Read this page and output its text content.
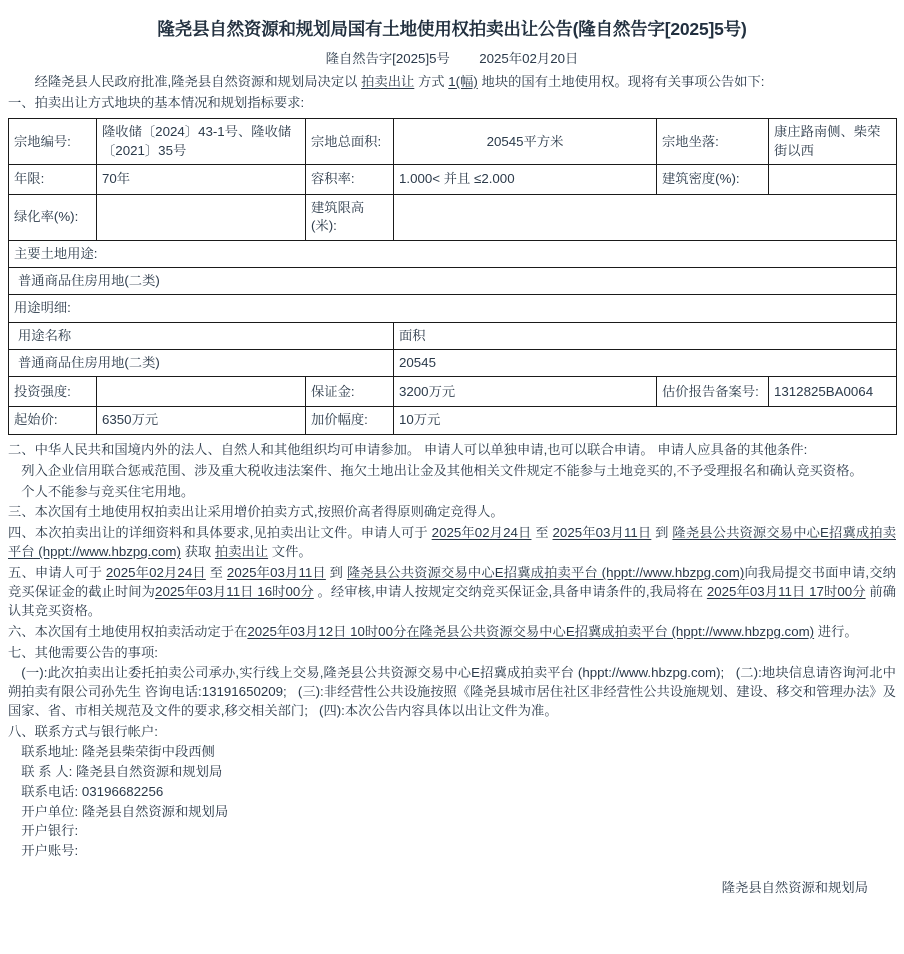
隆尧县自然资源和规划局国有土地使用权拍卖出让公告(隆自然告字[2025]5号)
隆自然告字[2025]5号 2025年02月20日

经隆尧县人民政府批准,隆尧县自然资源和规划局决定以 拍卖出让 方式 1(幅) 地块的国有土地使用权。现将有关事项公告如下:

一、拍卖出让方式地块的基本情况和规划指标要求:

宗地编号:	隆收储〔2024〕43-1号、隆收储〔2021〕35号	宗地总面积:	20545平方米	宗地坐落:	康庄路南侧、柴荣街以西
年限:	70年	容积率:	1.000< 并且 ≤2.000	建筑密度(%):	
绿化率(%):		建筑限高(米):			
主要土地用途:					
普通商品住房用地(二类)					
用途明细:					
用途名称			面积		
普通商品住房用地(二类)			20545		
投资强度:		保证金:	3200万元	估价报告备案号:	1312825BA0064
起始价:	6350万元	加价幅度:	10万元		

二、中华人民共和国境内外的法人、自然人和其他组织均可申请参加。 申请人可以单独申请,也可以联合申请。 申请人应具备的其他条件:

列入企业信用联合惩戒范围、涉及重大税收违法案件、拖欠土地出让金及其他相关文件规定不能参与土地竞买的,不予受理报名和确认竞买资格。

个人不能参与竞买住宅用地。

三、本次国有土地使用权拍卖出让采用增价拍卖方式,按照价高者得原则确定竞得人。

四、本次拍卖出让的详细资料和具体要求,见拍卖出让文件。申请人可于 2025年02月24日 至 2025年03月11日 到 隆尧县公共资源交易中心E招冀成拍卖平台 (hppt://www.hbzpg.com) 获取 拍卖出让 文件。

五、申请人可于 2025年02月24日 至 2025年03月11日 到 隆尧县公共资源交易中心E招冀成拍卖平台 (hppt://www.hbzpg.com)向我局提交书面申请,交纳竞买保证金的截止时间为2025年03月11日 16时00分 。经审核,申请人按规定交纳竞买保证金,具备申请条件的,我局将在 2025年03月11日 17时00分 前确认其竞买资格。

六、本次国有土地使用权拍卖活动定于在2025年03月12日 10时00分在隆尧县公共资源交易中心E招冀成拍卖平台 (hppt://www.hbzpg.com) 进行。

七、其他需要公告的事项:

(一):此次拍卖出让委托拍卖公司承办,实行线上交易,隆尧县公共资源交易中心E招冀成拍卖平台 (hppt://www.hbzpg.com); (二):地块信息请咨询河北中朔拍卖有限公司孙先生 咨询电话:13191650209; (三):非经营性公共设施按照《隆尧县城市居住社区非经营性公共设施规划、建设、移交和管理办法》及国家、省、市相关规范及文件的要求,移交相关部门; (四):本次公告内容具体以出让文件为准。

八、联系方式与银行帐户:

联系地址: 隆尧县柴荣街中段西侧

联 系 人: 隆尧县自然资源和规划局

联系电话: 03196682256

开户单位: 隆尧县自然资源和规划局

开户银行:

开户账号:

隆尧县自然资源和规划局
